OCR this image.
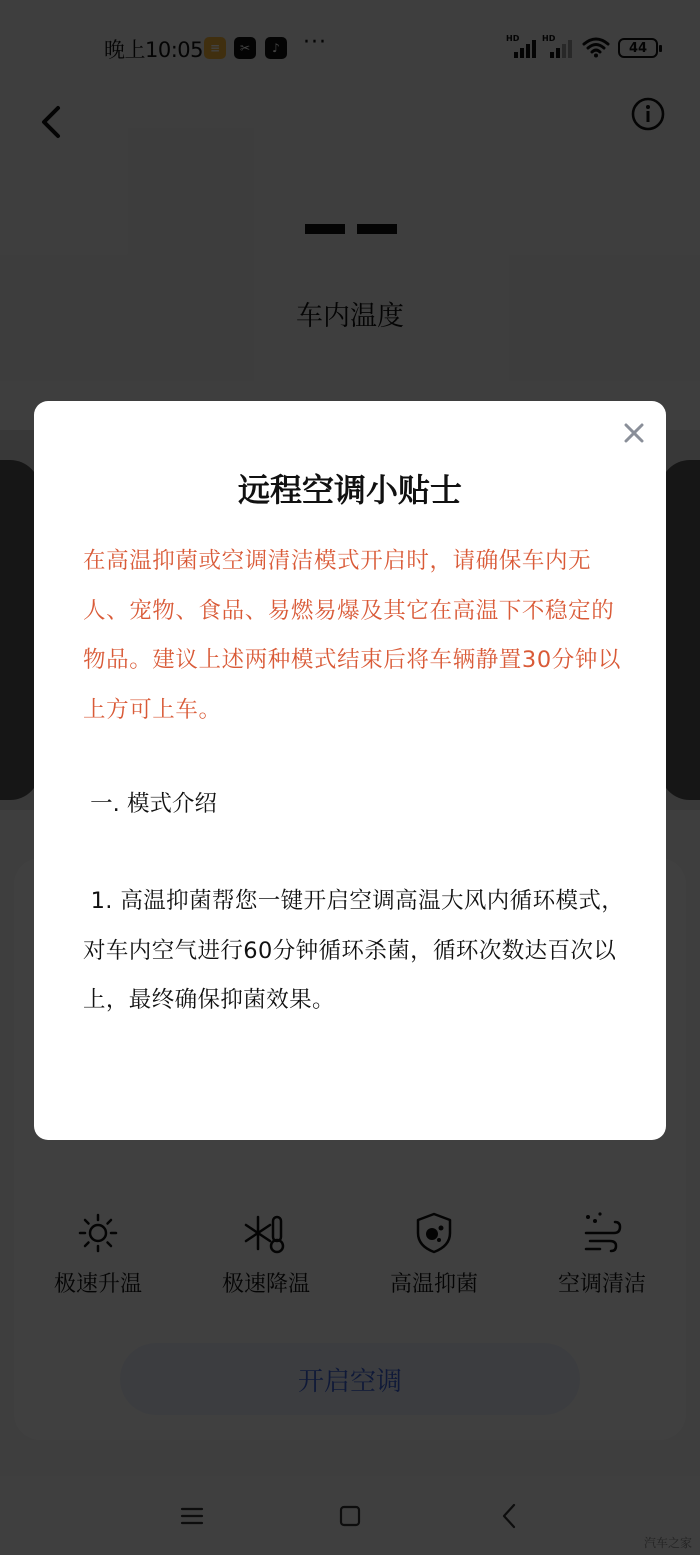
远程空调小贴士
在高温抑菌或空调清洁模式开启时，请确保车内无人、宠物、食品、易燃易爆及其它在高温下不稳定的物品。建议上述两种模式结束后将车辆静置30分钟以上方可上车。
一. 模式介绍
1. 高温抑菌帮您一键开启空调高温大风内循环模式，对车内空气进行60分钟循环杀菌，循环次数达百次以上，最终确保抑菌效果。
汽车之家
